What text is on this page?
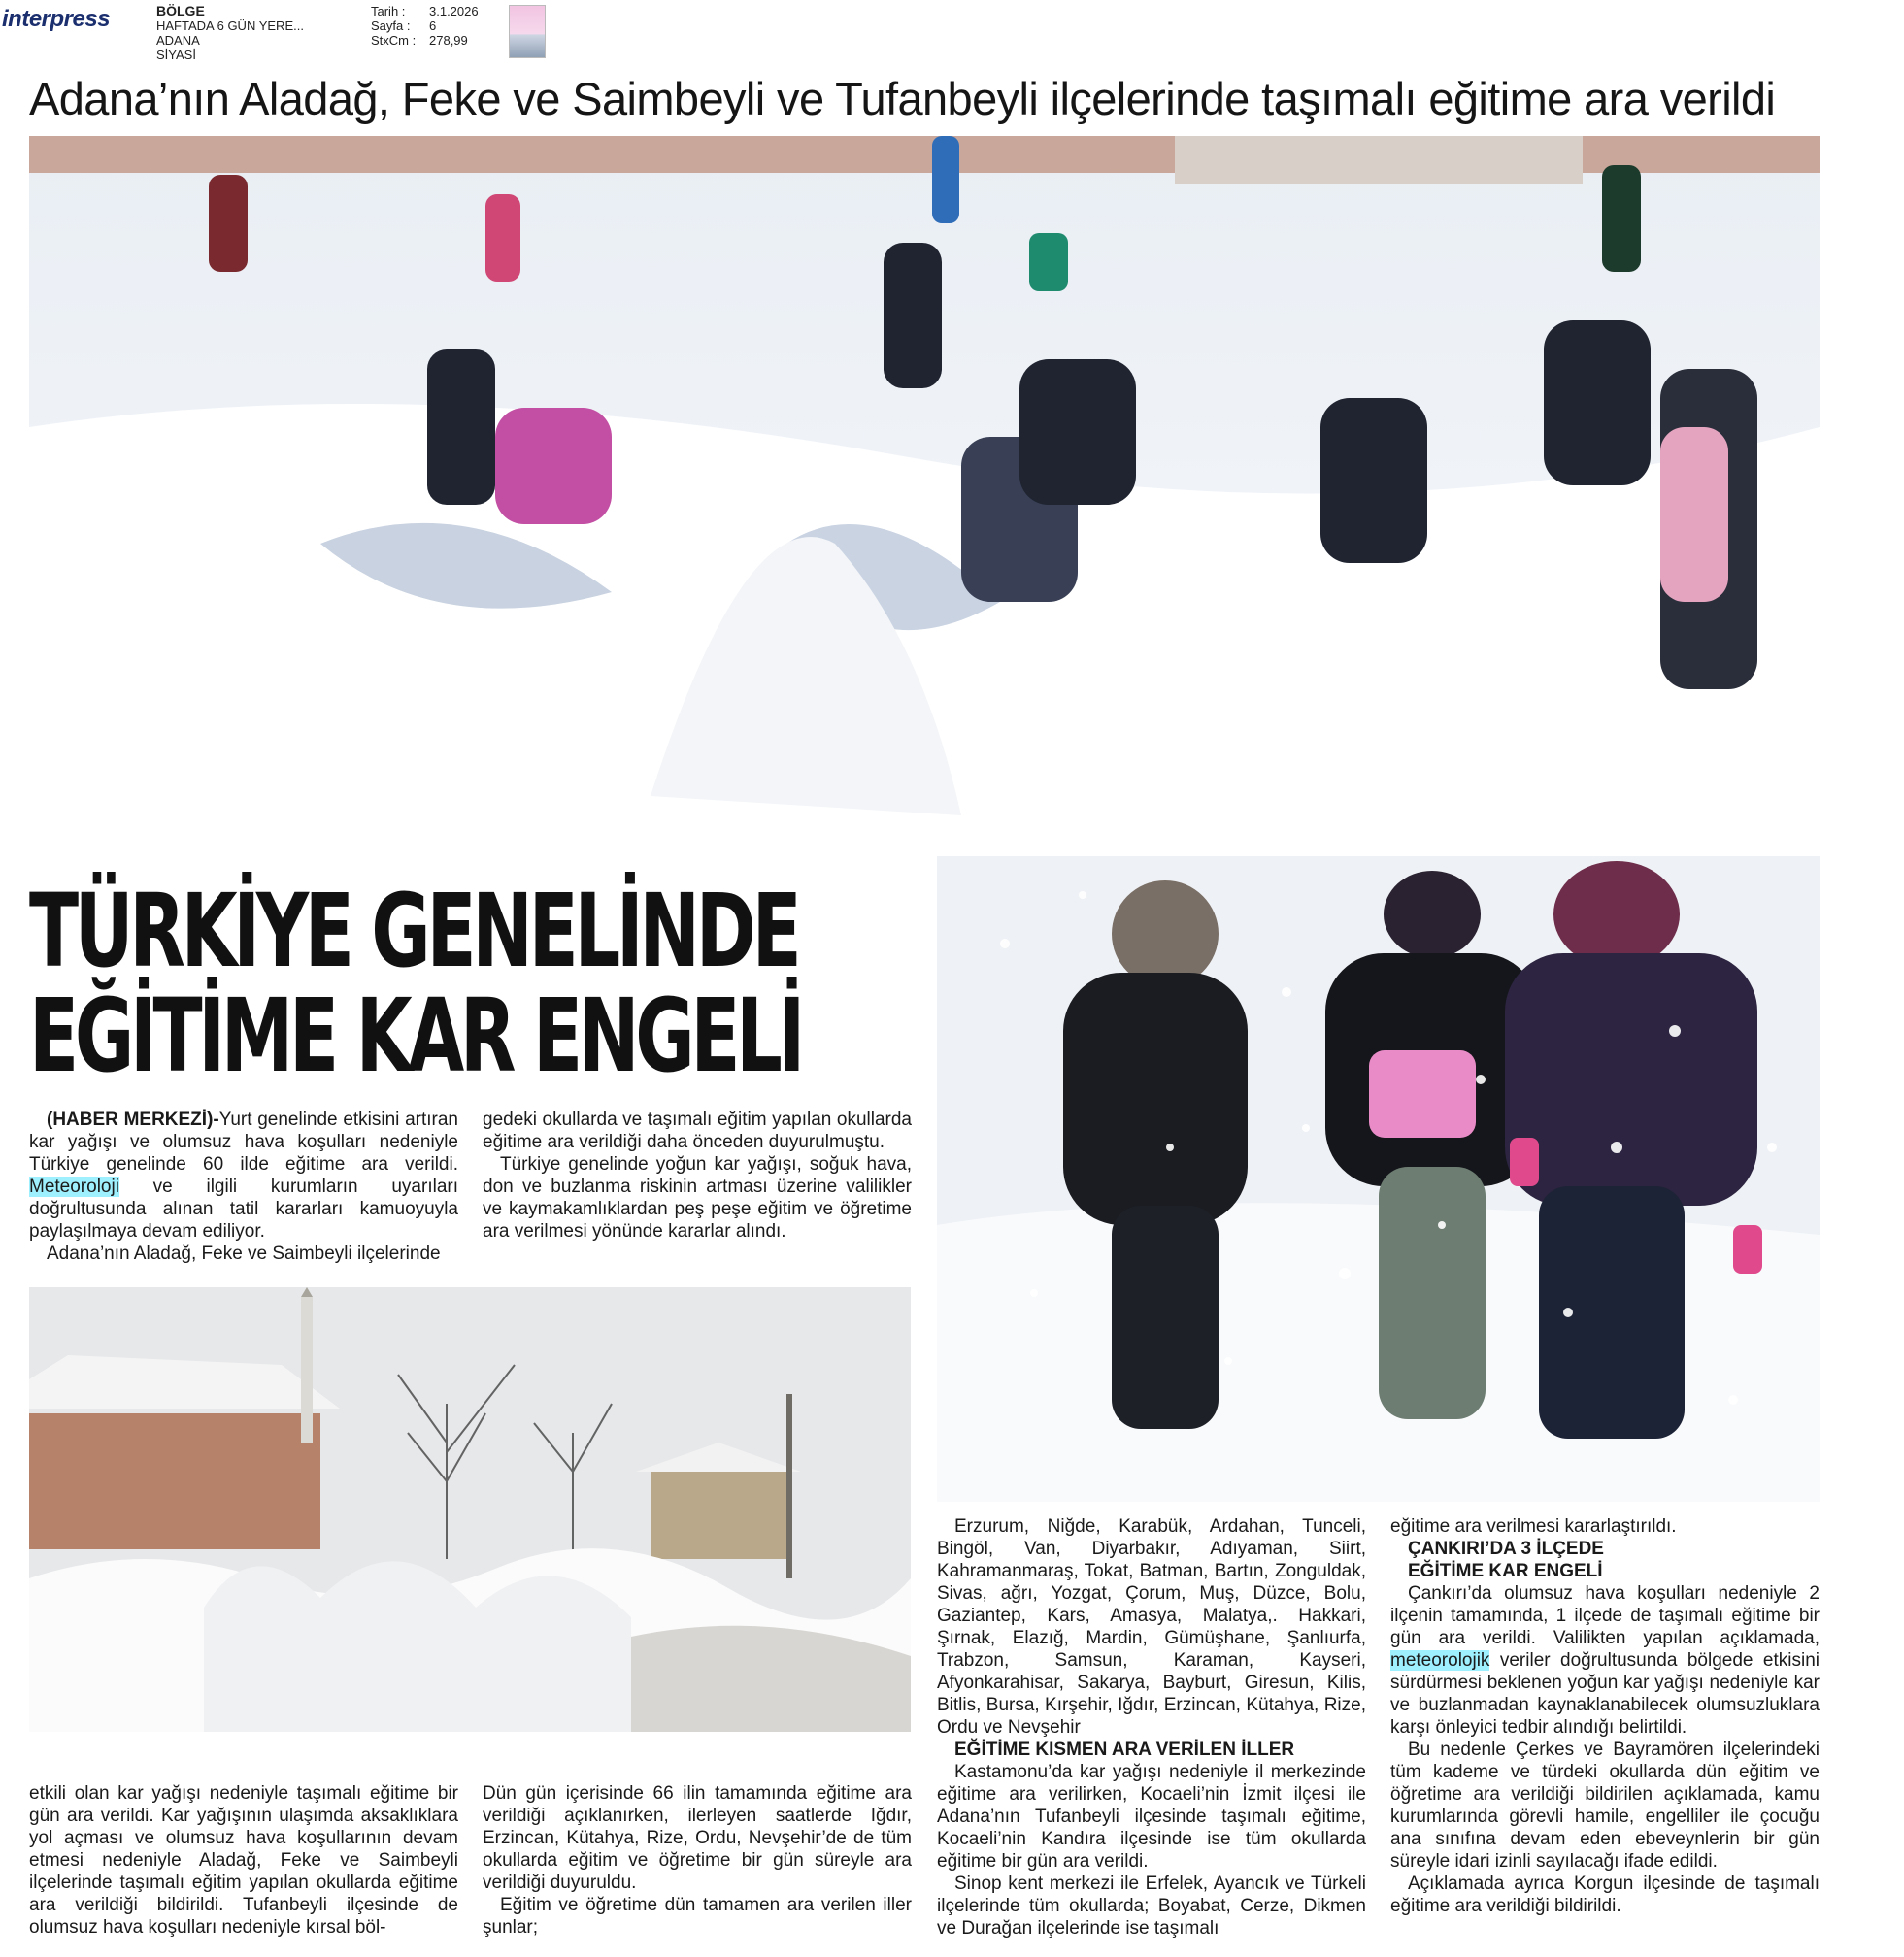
interpress	BÖLGE
HAFTADA 6 GÜN YERE...
ADANA
SİYASİ
Tarih :	3.1.2026
Sayfa :	6
StxCm :	278,99
Adana’nın Aladağ, Feke ve Saimbeyli ve Tufanbeyli ilçelerinde taşımalı eğitime ara verildi
TÜRKİYE GENELİNDE
EĞİTİME KAR ENGELİ

(HABER MERKEZİ)-Yurt genelinde etkisini artıran kar yağışı ve olumsuz hava koşulları nedeniyle Türkiye genelinde 60 ilde eğitime ara verildi. Meteoroloji ve ilgili kurumların uyarıları doğrultusunda alınan tatil kararları kamuoyuyla paylaşılmaya devam ediliyor.

Adana’nın Aladağ, Feke ve Saimbeyli ilçelerinde

gedeki okullarda ve taşımalı eğitim yapılan okullarda eğitime ara verildiği daha önceden duyurulmuştu.

Türkiye genelinde yoğun kar yağışı, soğuk hava, don ve buzlanma riskinin artması üzerine valilikler ve kaymakamlıklardan peş peşe eğitim ve öğretime ara verilmesi yönünde kararlar alındı.

etkili olan kar yağışı nedeniyle taşımalı eğitime bir gün ara verildi. Kar yağışının ulaşımda aksaklıklara yol açması ve olumsuz hava koşullarının devam etmesi nedeniyle Aladağ, Feke ve Saimbeyli ilçelerinde taşımalı eğitim yapılan okullarda eğitime ara verildiği bildirildi. Tufanbeyli ilçesinde de olumsuz hava koşulları nedeniyle kırsal böl-

Dün gün içerisinde 66 ilin tamamında eğitime ara verildiği açıklanırken, ilerleyen saatlerde Iğdır, Erzincan, Kütahya, Rize, Ordu, Nevşehir’de de tüm okullarda eğitim ve öğretime bir gün süreyle ara verildiği duyuruldu.

Eğitim ve öğretime dün tamamen ara verilen iller şunlar;

Erzurum, Niğde, Karabük, Ardahan, Tunceli, Bingöl, Van, Diyarbakır, Adıyaman, Siirt, Kahramanmaraş, Tokat, Batman, Bartın, Zonguldak, Sivas, ağrı, Yozgat, Çorum, Muş, Düzce, Bolu, Gaziantep, Kars, Amasya, Malatya,. Hakkari, Şırnak, Elazığ, Mardin, Gümüşhane, Şanlıurfa, Trabzon, Samsun, Karaman, Kayseri, Afyonkarahisar, Sakarya, Bayburt, Giresun, Kilis, Bitlis, Bursa, Kırşehir, Iğdır, Erzincan, Kütahya, Rize, Ordu ve Nevşehir

EĞİTİME KISMEN ARA VERİLEN İLLER

Kastamonu’da kar yağışı nedeniyle il merkezinde eğitime ara verilirken, Kocaeli’nin İzmit ilçesi ile Adana’nın Tufanbeyli ilçesinde taşımalı eğitime, Kocaeli’nin Kandıra ilçesinde ise tüm okullarda eğitime bir gün ara verildi.

Sinop kent merkezi ile Erfelek, Ayancık ve Türkeli ilçelerinde tüm okullarda; Boyabat, Cerze, Dikmen ve Durağan ilçelerinde ise taşımalı

eğitime ara verilmesi kararlaştırıldı.

ÇANKIRI’DA 3 İLÇEDE

EĞİTİME KAR ENGELİ

Çankırı’da olumsuz hava koşulları nedeniyle 2 ilçenin tamamında, 1 ilçede de taşımalı eğitime bir gün ara verildi. Valilikten yapılan açıklamada, meteorolojik veriler doğrultusunda bölgede etkisini sürdürmesi beklenen yoğun kar yağışı nedeniyle kar ve buzlanmadan kaynaklanabilecek olumsuzluklara karşı önleyici tedbir alındığı belirtildi.

Bu nedenle Çerkes ve Bayramören ilçelerindeki tüm kademe ve türdeki okullarda dün eğitim ve öğretime ara verildiği bildirilen açıklamada, kamu kurumlarında görevli hamile, engelliler ile çocuğu ana sınıfına devam eden ebeveynlerin bir gün süreyle idari izinli sayılacağı ifade edildi.

Açıklamada ayrıca Korgun ilçesinde de taşımalı eğitime ara verildiği bildirildi.
